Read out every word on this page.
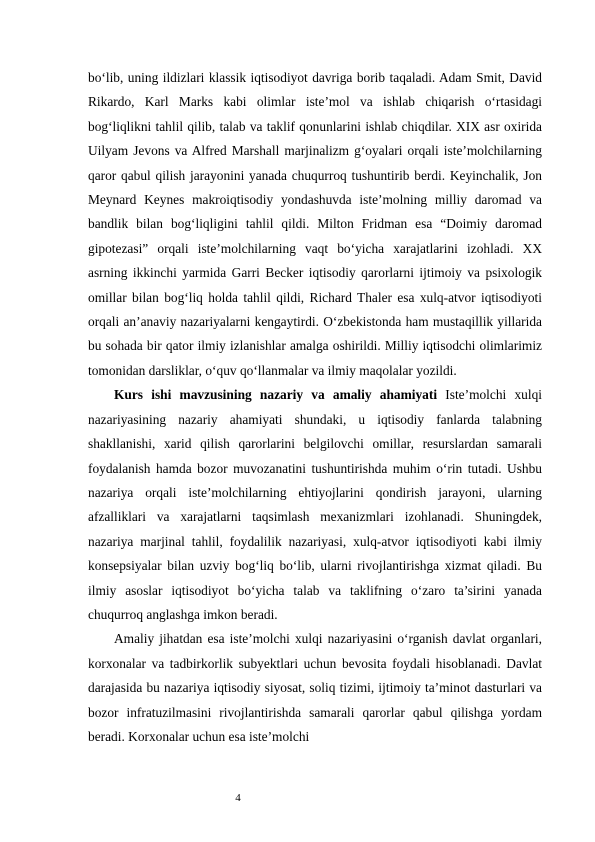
bo‘lib, uning ildizlari klassik iqtisodiyot davriga borib taqaladi. Adam Smit, David Rikardo, Karl Marks kabi olimlar iste’mol va ishlab chiqarish o‘rtasidagi bog‘liqlikni tahlil qilib, talab va taklif qonunlarini ishlab chiqdilar. XIX asr oxirida Uilyam Jevons va Alfred Marshall marjinalizm g‘oyalari orqali iste’molchilarning qaror qabul qilish jarayonini yanada chuqurroq tushuntirib berdi. Keyinchalik, Jon Meynard Keynes makroiqtisodiy yondashuvda iste’molning milliy daromad va bandlik bilan bog‘liqligini tahlil qildi. Milton Fridman esa “Doimiy daromad gipotezasi” orqali iste’molchilarning vaqt bo‘yicha xarajatlarini izohladi. XX asrning ikkinchi yarmida Garri Becker iqtisodiy qarorlarni ijtimoiy va psixologik omillar bilan bog‘liq holda tahlil qildi, Richard Thaler esa xulq-atvor iqtisodiyoti orqali an’anaviy nazariyalarni kengaytirdi. O‘zbekistonda ham mustaqillik yillarida bu sohada bir qator ilmiy izlanishlar amalga oshirildi. Milliy iqtisodchi olimlarimiz tomonidan darsliklar, o‘quv qo‘llanmalar va ilmiy maqolalar yozildi.

Kurs ishi mavzusining nazariy va amaliy ahamiyati Iste’molchi xulqi nazariyasining nazariy ahamiyati shundaki, u iqtisodiy fanlarda talabning shakllanishi, xarid qilish qarorlarini belgilovchi omillar, resurslardan samarali foydalanish hamda bozor muvozanatini tushuntirishda muhim o‘rin tutadi. Ushbu nazariya orqali iste’molchilarning ehtiyojlarini qondirish jarayoni, ularning afzalliklari va xarajatlarni taqsimlash mexanizmlari izohlanadi. Shuningdek, nazariya marjinal tahlil, foydalilik nazariyasi, xulq-atvor iqtisodiyoti kabi ilmiy konsepsiyalar bilan uzviy bog‘liq bo‘lib, ularni rivojlantirishga xizmat qiladi. Bu ilmiy asoslar iqtisodiyot bo‘yicha talab va taklifning o‘zaro ta’sirini yanada chuqurroq anglashga imkon beradi.

Amaliy jihatdan esa iste’molchi xulqi nazariyasini o‘rganish davlat organlari, korxonalar va tadbirkorlik subyektlari uchun bevosita foydali hisoblanadi. Davlat darajasida bu nazariya iqtisodiy siyosat, soliq tizimi, ijtimoiy ta’minot dasturlari va bozor infratuzilmasini rivojlantirishda samarali qarorlar qabul qilishga yordam beradi. Korxonalar uchun esa iste’molchi

4
